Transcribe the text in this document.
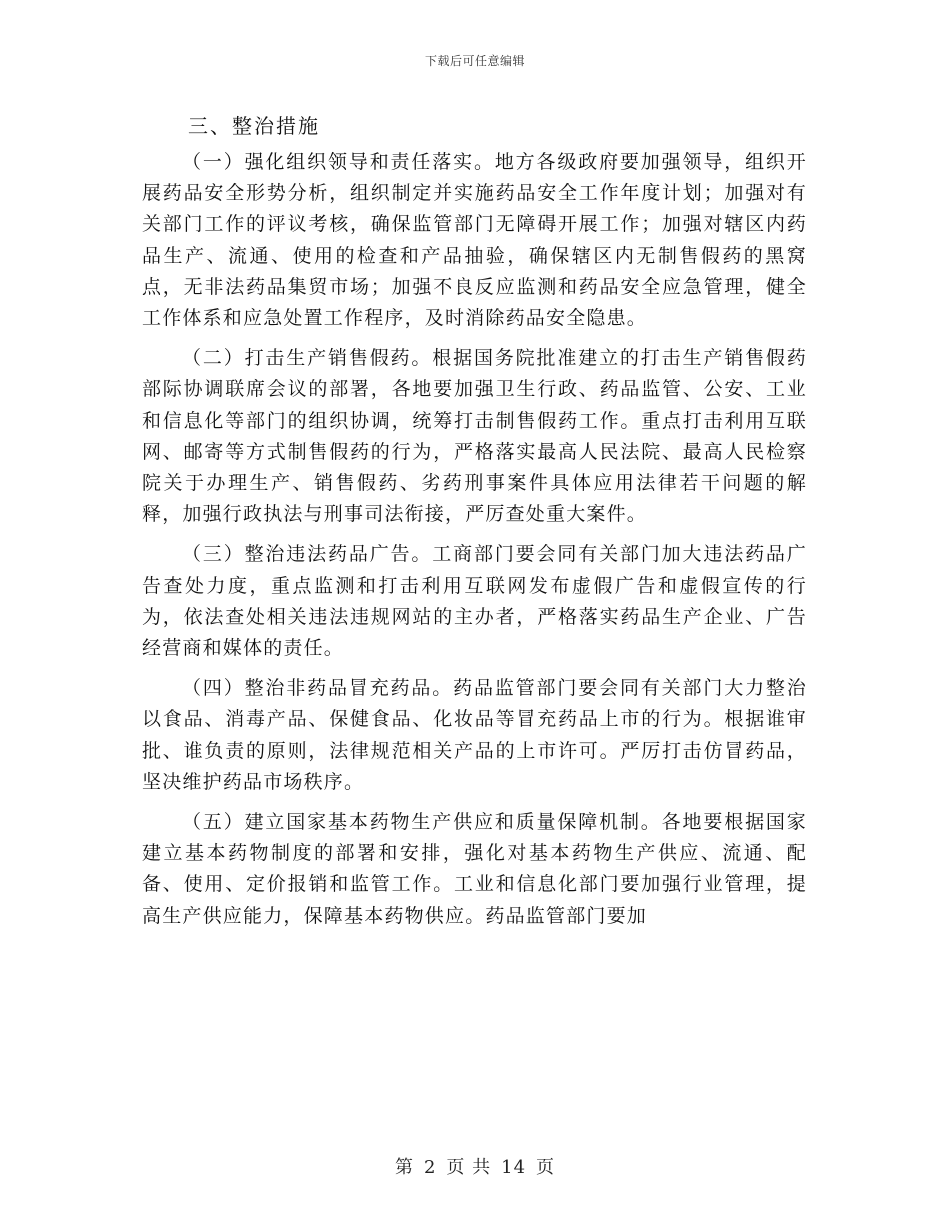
下载后可任意编辑
三、整治措施

（一）强化组织领导和责任落实。地方各级政府要加强领导，组织开展药品安全形势分析，组织制定并实施药品安全工作年度计划；加强对有关部门工作的评议考核，确保监管部门无障碍开展工作；加强对辖区内药品生产、流通、使用的检查和产品抽验，确保辖区内无制售假药的黑窝点，无非法药品集贸市场；加强不良反应监测和药品安全应急管理，健全工作体系和应急处置工作程序，及时消除药品安全隐患。

（二）打击生产销售假药。根据国务院批准建立的打击生产销售假药部际协调联席会议的部署，各地要加强卫生行政、药品监管、公安、工业和信息化等部门的组织协调，统筹打击制售假药工作。重点打击利用互联网、邮寄等方式制售假药的行为，严格落实最高人民法院、最高人民检察院关于办理生产、销售假药、劣药刑事案件具体应用法律若干问题的解释，加强行政执法与刑事司法衔接，严厉查处重大案件。

（三）整治违法药品广告。工商部门要会同有关部门加大违法药品广告查处力度，重点监测和打击利用互联网发布虚假广告和虚假宣传的行为，依法查处相关违法违规网站的主办者，严格落实药品生产企业、广告经营商和媒体的责任。

（四）整治非药品冒充药品。药品监管部门要会同有关部门大力整治以食品、消毒产品、保健食品、化妆品等冒充药品上市的行为。根据谁审批、谁负责的原则，法律规范相关产品的上市许可。严厉打击仿冒药品，坚决维护药品市场秩序。

（五）建立国家基本药物生产供应和质量保障机制。各地要根据国家建立基本药物制度的部署和安排，强化对基本药物生产供应、流通、配备、使用、定价报销和监管工作。工业和信息化部门要加强行业管理，提高生产供应能力，保障基本药物供应。药品监管部门要加

第 2 页 共 14 页
